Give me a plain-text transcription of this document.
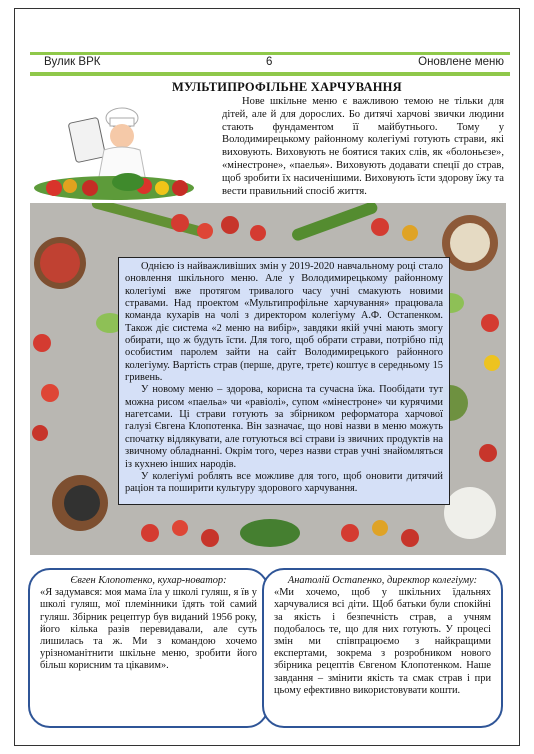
Вулик ВРК	6	Оновлене меню
МУЛЬТИПРОФІЛЬНЕ ХАРЧУВАННЯ

Нове шкільне меню є важливою темою не тільки для дітей, але й для дорослих. Бо дитячі харчові звички людини стають фундаментом її майбутнього. Тому у Володимирецькому районному колегіумі готують страви, які виховують. Виховують не боятися таких слів, як «болоньєзе», «мінестроне», «паелья». Виховують додавати спеції до страв, щоб зробити їх насиченішими. Виховують їсти здорову їжу та вести правильний спосіб життя.

Однією із найважливіших змін у 2019-2020 навчальному році стало оновлення шкільного меню. Але у Володимирецькому районному колегіумі вже протягом тривалого часу учні смакують новими стравами. Над проектом «Мультипрофільне харчування» працювала команда кухарів на чолі з директором колегіуму А.Ф. Остапенком. Також діє система «2 меню на вибір», завдяки якій учні мають змогу обирати, що ж будуть їсти. Для того, щоб обрати страви, потрібно під особистим паролем зайти на сайт Володимирецького районного колегіуму. Вартість страв (перше, друге, третє) коштує в середньому 15 гривень.

У новому меню – здорова, корисна та сучасна їжа. Пообідати тут можна рисом «паельа» чи «равіолі», супом «мінестроне» чи курячими нагетсами. Ці страви готують за збірником реформатора харчової галузі Євгена Клопотенка. Він зазначає, що нові назви в меню можуть спочатку відлякувати, але готуються всі страви із звичних продуктів на звичному обладнанні. Окрім того, через назви страв учні знайомляться із кухнею інших народів.

У колегіумі роблять все можливе для того, щоб оновити дитячий раціон та поширити культуру здорового харчування.

Євген Клопотенко, кухар-новатор:
«Я задумався: моя мама їла у школі гуляш, я їв у школі гуляш, мої племінники їдять той самий гуляш. Збірник рецептур був виданий 1956 року, його кілька разів перевидавали, але суть лишилась та ж. Ми з командою хочемо урізноманітнити шкільне меню, зробити його більш корисним та цікавим».
Анатолій Остапенко, директор колегіуму:
«Ми хочемо, щоб у шкільних їдальнях харчувалися всі діти. Щоб батьки були спокійні за якість і безпечність страв, а учням подобалось те, що для них готують. У процесі змін ми співпрацюємо з найкращими експертами, зокрема з розробником нового збірника рецептів Євгеном Клопотенком. Наше завдання – змінити якість та смак страв і при цьому ефективно використовувати кошти.
